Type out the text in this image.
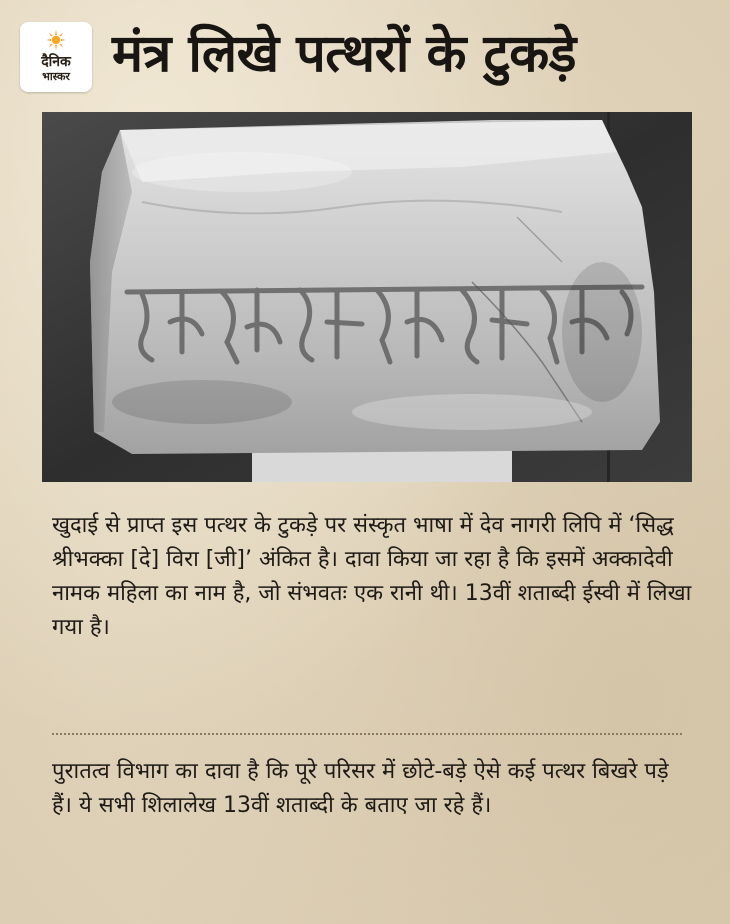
दैनिक
भास्कर मंत्र लिखे पत्थरों के टुकड़े

खुदाई से प्राप्त इस पत्थर के टुकड़े पर संस्कृत भाषा में देव नागरी लिपि में ‘सिद्ध श्रीभक्का [दे] विरा [जी]’ अंकित है। दावा किया जा रहा है कि इसमें अक्कादेवी नामक महिला का नाम है, जो संभवतः एक रानी थी। 13वीं शताब्दी ईस्वी में लिखा गया है।

पुरातत्व विभाग का दावा है कि पूरे परिसर में छोटे-बड़े ऐसे कई पत्थर बिखरे पड़े हैं। ये सभी शिलालेख 13वीं शताब्दी के बताए जा रहे हैं।
